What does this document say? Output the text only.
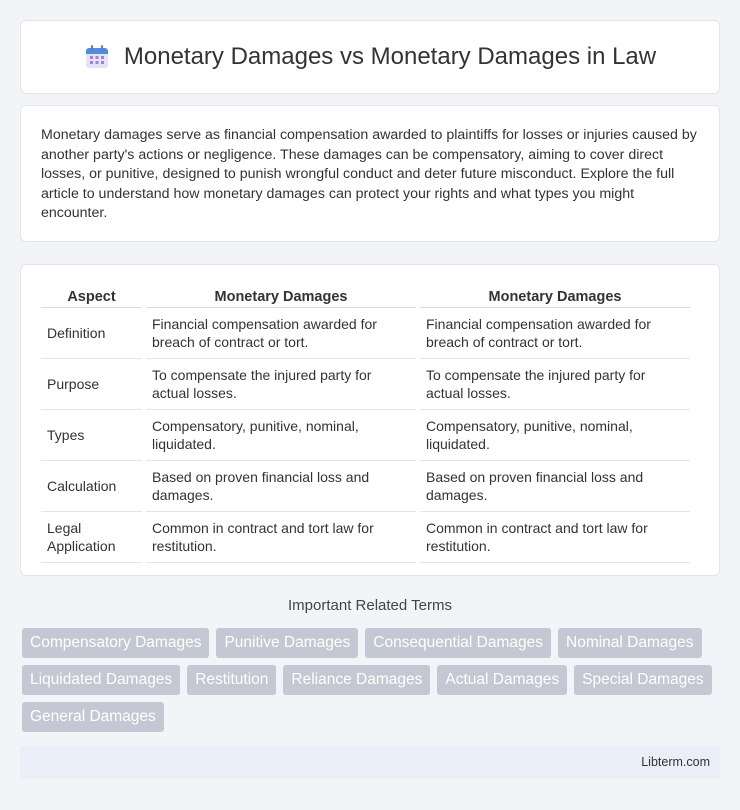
Monetary Damages vs Monetary Damages in Law

Monetary damages serve as financial compensation awarded to plaintiffs for losses or injuries caused by another party's actions or negligence. These damages can be compensatory, aiming to cover direct losses, or punitive, designed to punish wrongful conduct and deter future misconduct. Explore the full article to understand how monetary damages can protect your rights and what types you might encounter.

Aspect	Monetary Damages	Monetary Damages
Definition	Financial compensation awarded for breach of contract or tort.	Financial compensation awarded for breach of contract or tort.
Purpose	To compensate the injured party for actual losses.	To compensate the injured party for actual losses.
Types	Compensatory, punitive, nominal, liquidated.	Compensatory, punitive, nominal, liquidated.
Calculation	Based on proven financial loss and damages.	Based on proven financial loss and damages.
Legal Application	Common in contract and tort law for restitution.	Common in contract and tort law for restitution.
Important Related Terms
Compensatory Damages	Punitive Damages	Consequential Damages	Nominal Damages
Liquidated Damages	Restitution	Reliance Damages	Actual Damages	Special Damages
General Damages
Libterm.com
